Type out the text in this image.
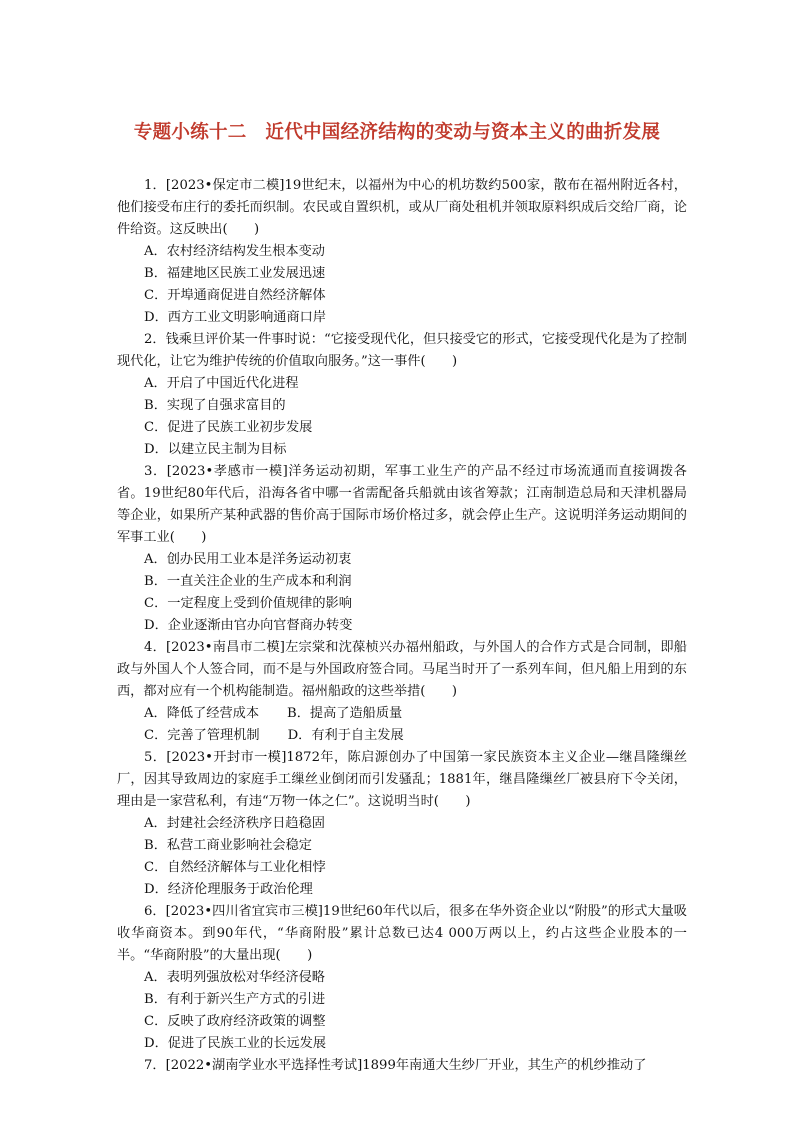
专题小练十二　近代中国经济结构的变动与资本主义的曲折发展

1．[2023•保定市二模]19世纪末，以福州为中心的机坊数约500家，散布在福州附近各村，他们接受布庄行的委托而织制。农民或自置织机，或从厂商处租机并领取原料织成后交给厂商，论件给资。这反映出(　　)

A．农村经济结构发生根本变动

B．福建地区民族工业发展迅速

C．开埠通商促进自然经济解体

D．西方工业文明影响通商口岸

2．钱乘旦评价某一件事时说：“它接受现代化，但只接受它的形式，它接受现代化是为了控制现代化，让它为维护传统的价值取向服务。”这一事件(　　)

A．开启了中国近代化进程

B．实现了自强求富目的

C．促进了民族工业初步发展

D．以建立民主制为目标

3．[2023•孝感市一模]洋务运动初期，军事工业生产的产品不经过市场流通而直接调拨各省。19世纪80年代后，沿海各省中哪一省需配备兵船就由该省筹款；江南制造总局和天津机器局等企业，如果所产某种武器的售价高于国际市场价格过多，就会停止生产。这说明洋务运动期间的军事工业(　　)

A．创办民用工业本是洋务运动初衷

B．一直关注企业的生产成本和利润

C．一定程度上受到价值规律的影响

D．企业逐渐由官办向官督商办转变

4．[2023•南昌市二模]左宗棠和沈葆桢兴办福州船政，与外国人的合作方式是合同制，即船政与外国人个人签合同，而不是与外国政府签合同。马尾当时开了一系列车间，但凡船上用到的东西，都对应有一个机构能制造。福州船政的这些举措(　　)

A．降低了经营成本 B．提高了造船质量

C．完善了管理机制 D．有利于自主发展

5．[2023•开封市一模]1872年，陈启源创办了中国第一家民族资本主义企业—继昌隆缫丝厂，因其导致周边的家庭手工缫丝业倒闭而引发骚乱；1881年，继昌隆缫丝厂被县府下令关闭，理由是一家营私利，有违“万物一体之仁”。这说明当时(　　)

A．封建社会经济秩序日趋稳固

B．私营工商业影响社会稳定

C．自然经济解体与工业化相悖

D．经济伦理服务于政治伦理

6．[2023•四川省宜宾市三模]19世纪60年代以后，很多在华外资企业以“附股”的形式大量吸收华商资本。到90年代，“华商附股”累计总数已达4 000万两以上，约占这些企业股本的一半。“华商附股”的大量出现(　　)

A．表明列强放松对华经济侵略

B．有利于新兴生产方式的引进

C．反映了政府经济政策的调整

D．促进了民族工业的长远发展

7．[2022•湖南学业水平选择性考试]1899年南通大生纱厂开业，其生产的机纱推动了
